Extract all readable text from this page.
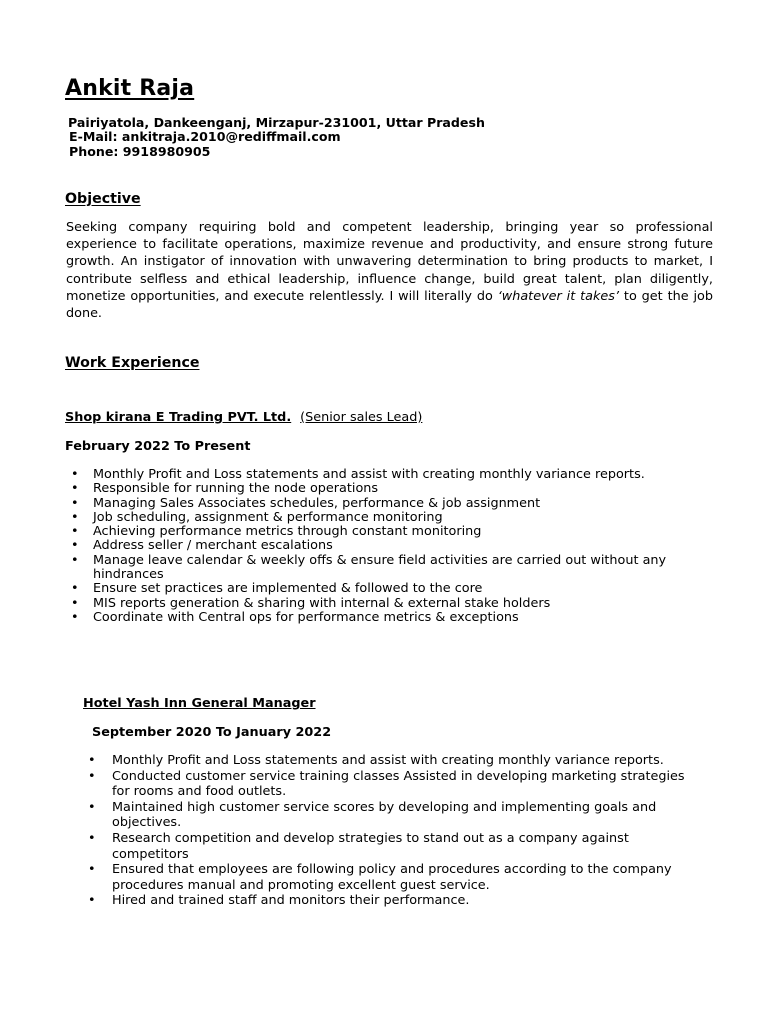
Ankit Raja
Pairiyatola, Dankeenganj, Mirzapur-231001, Uttar Pradesh
E-Mail: ankitraja.2010@rediffmail.com
Phone: 9918980905
Objective

Seeking company requiring bold and competent leadership, bringing year so professional experience to facilitate operations, maximize revenue and productivity, and ensure strong future growth. An instigator of innovation with unwavering determination to bring products to market, I contribute selfless and ethical leadership, influence change, build great talent, plan diligently, monetize opportunities, and execute relentlessly. I will literally do ‘whatever it takes’ to get the job done.

Work Experience
Shop kirana E Trading PVT. Ltd. (Senior sales Lead)
February 2022 To Present
• Monthly Profit and Loss statements and assist with creating monthly variance reports.
• Responsible for running the node operations
• Managing Sales Associates schedules, performance & job assignment
• Job scheduling, assignment & performance monitoring
• Achieving performance metrics through constant monitoring
• Address seller / merchant escalations
• Manage leave calendar & weekly offs & ensure field activities are carried out without any hindrances
• Ensure set practices are implemented & followed to the core
• MIS reports generation & sharing with internal & external stake holders
• Coordinate with Central ops for performance metrics & exceptions
Hotel Yash Inn General Manager
September 2020 To January 2022
• Monthly Profit and Loss statements and assist with creating monthly variance reports.
• Conducted customer service training classes Assisted in developing marketing strategies for rooms and food outlets.
• Maintained high customer service scores by developing and implementing goals and objectives.
• Research competition and develop strategies to stand out as a company against competitors
• Ensured that employees are following policy and procedures according to the company procedures manual and promoting excellent guest service.
• Hired and trained staff and monitors their performance.
